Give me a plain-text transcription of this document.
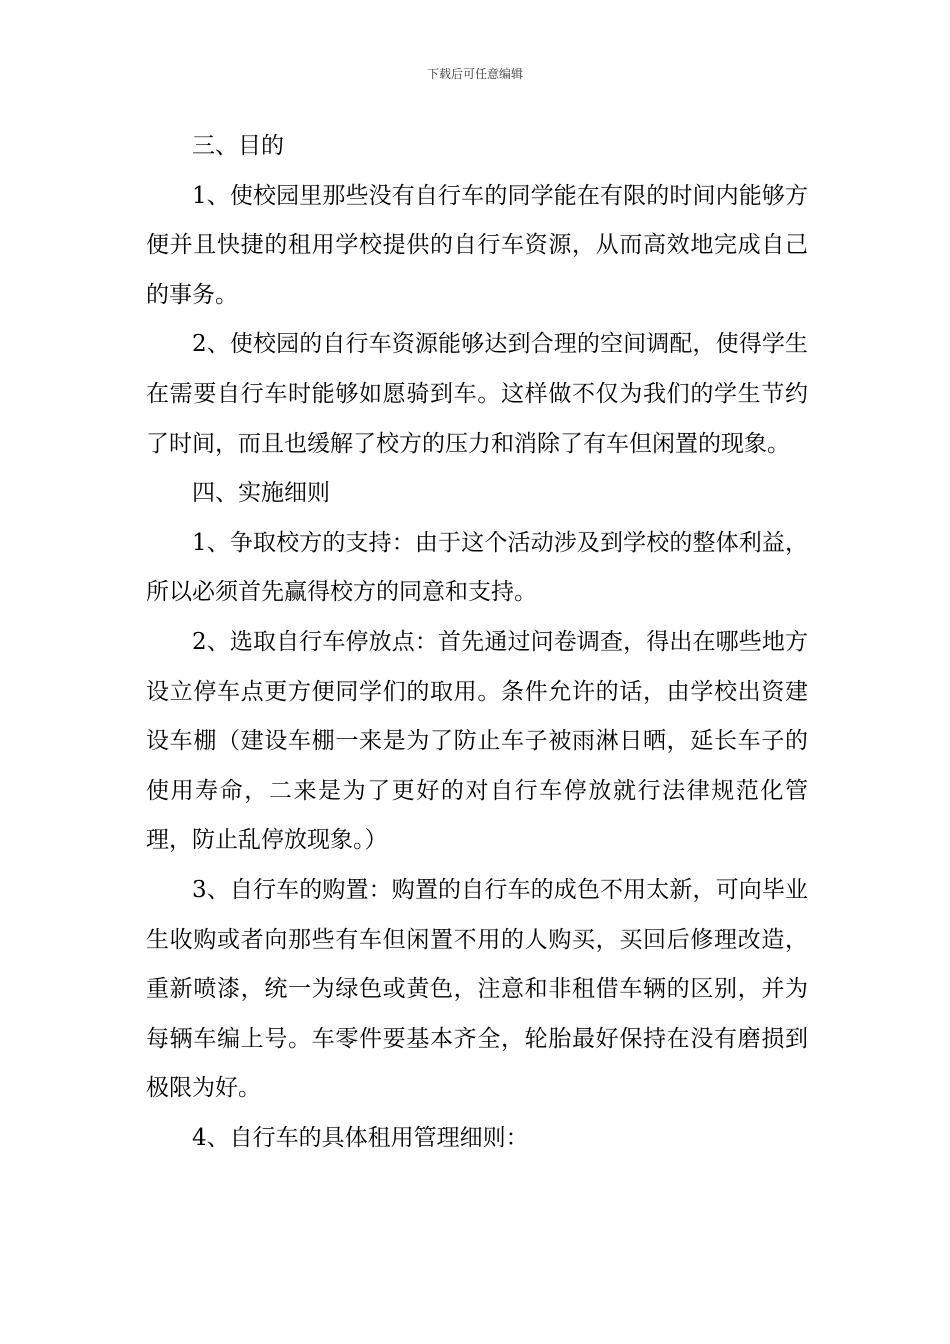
下载后可任意编辑

三、目的

1、使校园里那些没有自行车的同学能在有限的时间内能够方便并且快捷的租用学校提供的自行车资源，从而高效地完成自己的事务。

2、使校园的自行车资源能够达到合理的空间调配，使得学生在需要自行车时能够如愿骑到车。这样做不仅为我们的学生节约了时间，而且也缓解了校方的压力和消除了有车但闲置的现象。

四、实施细则

1、争取校方的支持：由于这个活动涉及到学校的整体利益，所以必须首先赢得校方的同意和支持。

2、选取自行车停放点：首先通过问卷调查，得出在哪些地方设立停车点更方便同学们的取用。条件允许的话，由学校出资建设车棚（建设车棚一来是为了防止车子被雨淋日晒，延长车子的使用寿命，二来是为了更好的对自行车停放就行法律规范化管理，防止乱停放现象。）

3、自行车的购置：购置的自行车的成色不用太新，可向毕业生收购或者向那些有车但闲置不用的人购买，买回后修理改造，重新喷漆，统一为绿色或黄色，注意和非租借车辆的区别，并为每辆车编上号。车零件要基本齐全，轮胎最好保持在没有磨损到极限为好。

4、自行车的具体租用管理细则：
